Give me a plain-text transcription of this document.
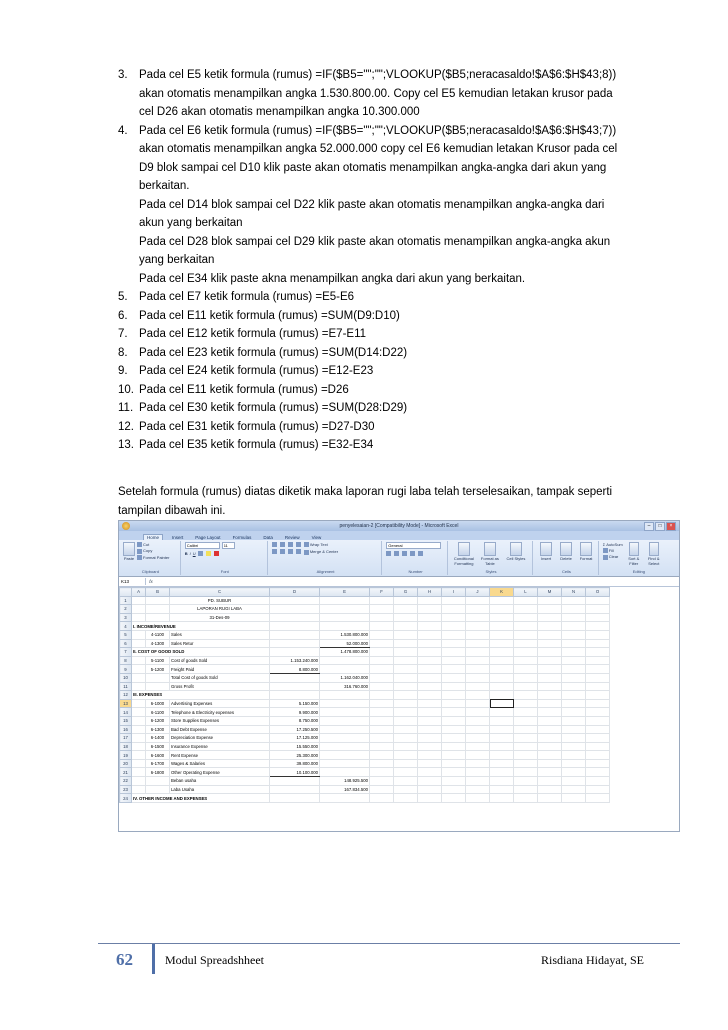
3. Pada cel E5 ketik formula (rumus) =IF($B5="";"";VLOOKUP($B5;neracasaldo!$A$6:$H$43;8))
akan otomatis menampilkan angka 1.530.800.00. Copy cel E5 kemudian letakan krusor pada
cel D26 akan otomatis menampilkan angka 10.300.000
4. Pada cel E6 ketik formula (rumus) =IF($B5="";"";VLOOKUP($B5;neracasaldo!$A$6:$H$43;7))
akan otomatis menampilkan angka 52.000.000 copy cel E6 kemudian letakan Krusor pada cel
D9 blok sampai cel D10 klik paste akan otomatis menampilkan angka-angka dari akun yang
berkaitan.
Pada cel D14 blok sampai cel D22 klik paste akan otomatis menampilkan angka-angka dari
akun yang berkaitan
Pada cel D28 blok sampai cel D29 klik paste akan otomatis menampilkan angka-angka akun
yang berkaitan
Pada cel E34 klik paste akna menampilkan angka dari akun yang berkaitan.
5. Pada cel E7 ketik formula (rumus) =E5-E6
6. Pada cel E11 ketik formula (rumus) =SUM(D9:D10)
7. Pada cel E12 ketik formula (rumus) =E7-E11
8. Pada cel E23 ketik formula (rumus) =SUM(D14:D22)
9. Pada cel E24 ketik formula (rumus) =E12-E23
10. Pada cel E11 ketik formula (rumus) =D26
11. Pada cel E30 ketik formula (rumus) =SUM(D28:D29)
12. Pada cel E31 ketik formula (rumus) =D27-D30
13. Pada cel E35 ketik formula (rumus) =E32-E34

Setelah formula (rumus) diatas diketik maka laporan rugi laba telah terselesaikan, tampak seperti
tampilan dibawah ini.

penyelesaian-2 [Compatibility Mode] - Microsoft Excel	–	□	×
Home	Insert	Page Layout	Formulas	Data	Review	View
Paste
Cut
Copy
Format Painter
Clipboard
Calibri	11
B I U
Font
Wrap Text
Merge & Center
Alignment
General
Number
Conditional Formatting
Format as Table
Cell Styles
Styles
Insert	Delete	Format
Cells
Σ AutoSum
Fill
Clear	Sort & Filter
Find & Select
Editing
K13	fx
	A	B	C	D	E	F	G	H	I	J	K	L	M	N	O
1			PD. SUBUR												
2			LAPORAN RUGI LABA												
3			31-Des-09												
4	I. INCOME/REVENUE														
5		4-1100	Sales		1.530.800.000										
6		4-1300	Sales Retur		52.000.000										
7	II. COST OF GOOD SOLD				1.478.800.000										
8		5-1100	Cost of goods Sold	1.153.240.000											
9		5-1200	Freight Paid	8.800.000											
10			Total Cost of goods Sold		1.162.040.000										
11			Gross Profit		316.760.000										
12	III. EXPENSES														
13		6-1000	Advertising Expenses	5.150.000											
14		6-1100	Telephone & Electricity expenses	9.900.000											
15		6-1200	Store Supplies Expenses	8.750.000											
16		6-1300	Bad Debt Expense	17.250.500											
17		6-1400	Depreciation Expense	17.125.000											
18		6-1500	Insurance Expense	15.550.000											
19		6-1600	Rent Expense	25.300.000											
20		6-1700	Wages & Salaries	39.800.000											
21		6-1800	Other Operating Expense	10.100.000											
22			Beban usaha		148.925.500										
23			Laba Usaha		167.834.500										
24	IV. OTHER INCOME AND EXPENSES														
62	Modul Spreadshheet	Risdiana Hidayat, SE
